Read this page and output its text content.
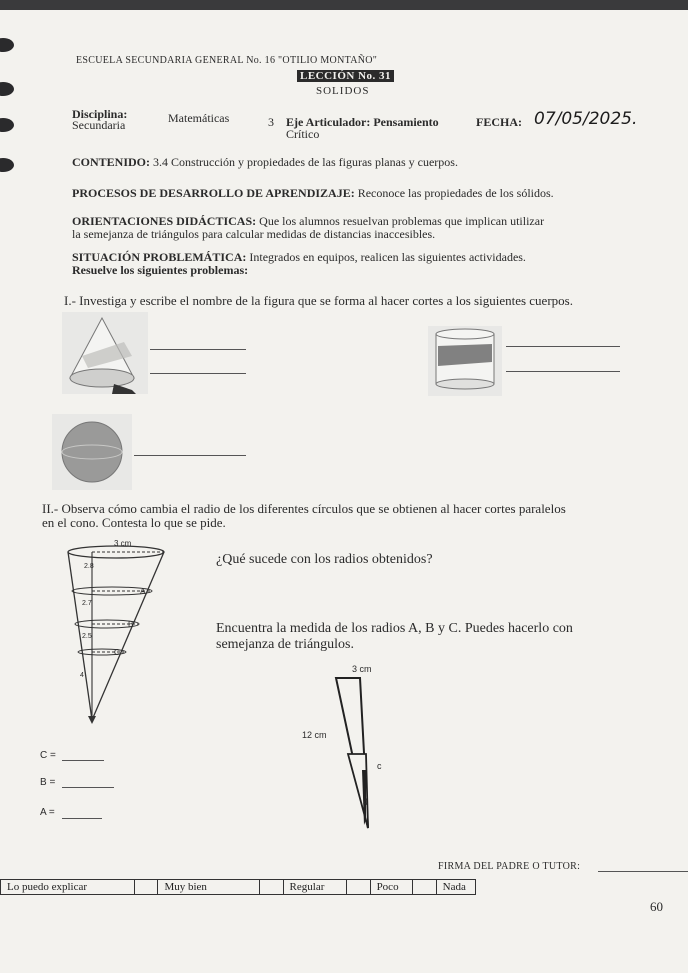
ESCUELA SECUNDARIA GENERAL No. 16 "OTILIO MONTAÑO"
LECCIÓN No. 31
SOLIDOS
Disciplina:
Secundaria	Matemáticas	3 Eje Articulador: Pensamiento
Crítico
FECHA: 07/05/2025.
CONTENIDO: 3.4 Construcción y propiedades de las figuras planas y cuerpos.
PROCESOS DE DESARROLLO DE APRENDIZAJE: Reconoce las propiedades de los sólidos.
ORIENTACIONES DIDÁCTICAS: Que los alumnos resuelvan problemas que implican utilizar
la semejanza de triángulos para calcular medidas de distancias inaccesibles.
SITUACIÓN PROBLEMÁTICA: Integrados en equipos, realicen las siguientes actividades.
Resuelve los siguientes problemas:
I.- Investiga y escribe el nombre de la figura que se forma al hacer cortes a los siguientes cuerpos.
II.- Observa cómo cambia el radio de los diferentes círculos que se obtienen al hacer cortes paralelos
en el cono. Contesta lo que se pide.
3 cm
2.8
A
2.7
B
2.5
C
4
¿Qué sucede con los radios obtenidos?
Encuentra la medida de los radios A, B y C. Puedes hacerlo con
semejanza de triángulos.
3 cm
12 cm
c
4
C =
B =
A =
FIRMA DEL PADRE O TUTOR:
Lo puedo explicar	Muy bien	Regular	Poco	Nada
60
